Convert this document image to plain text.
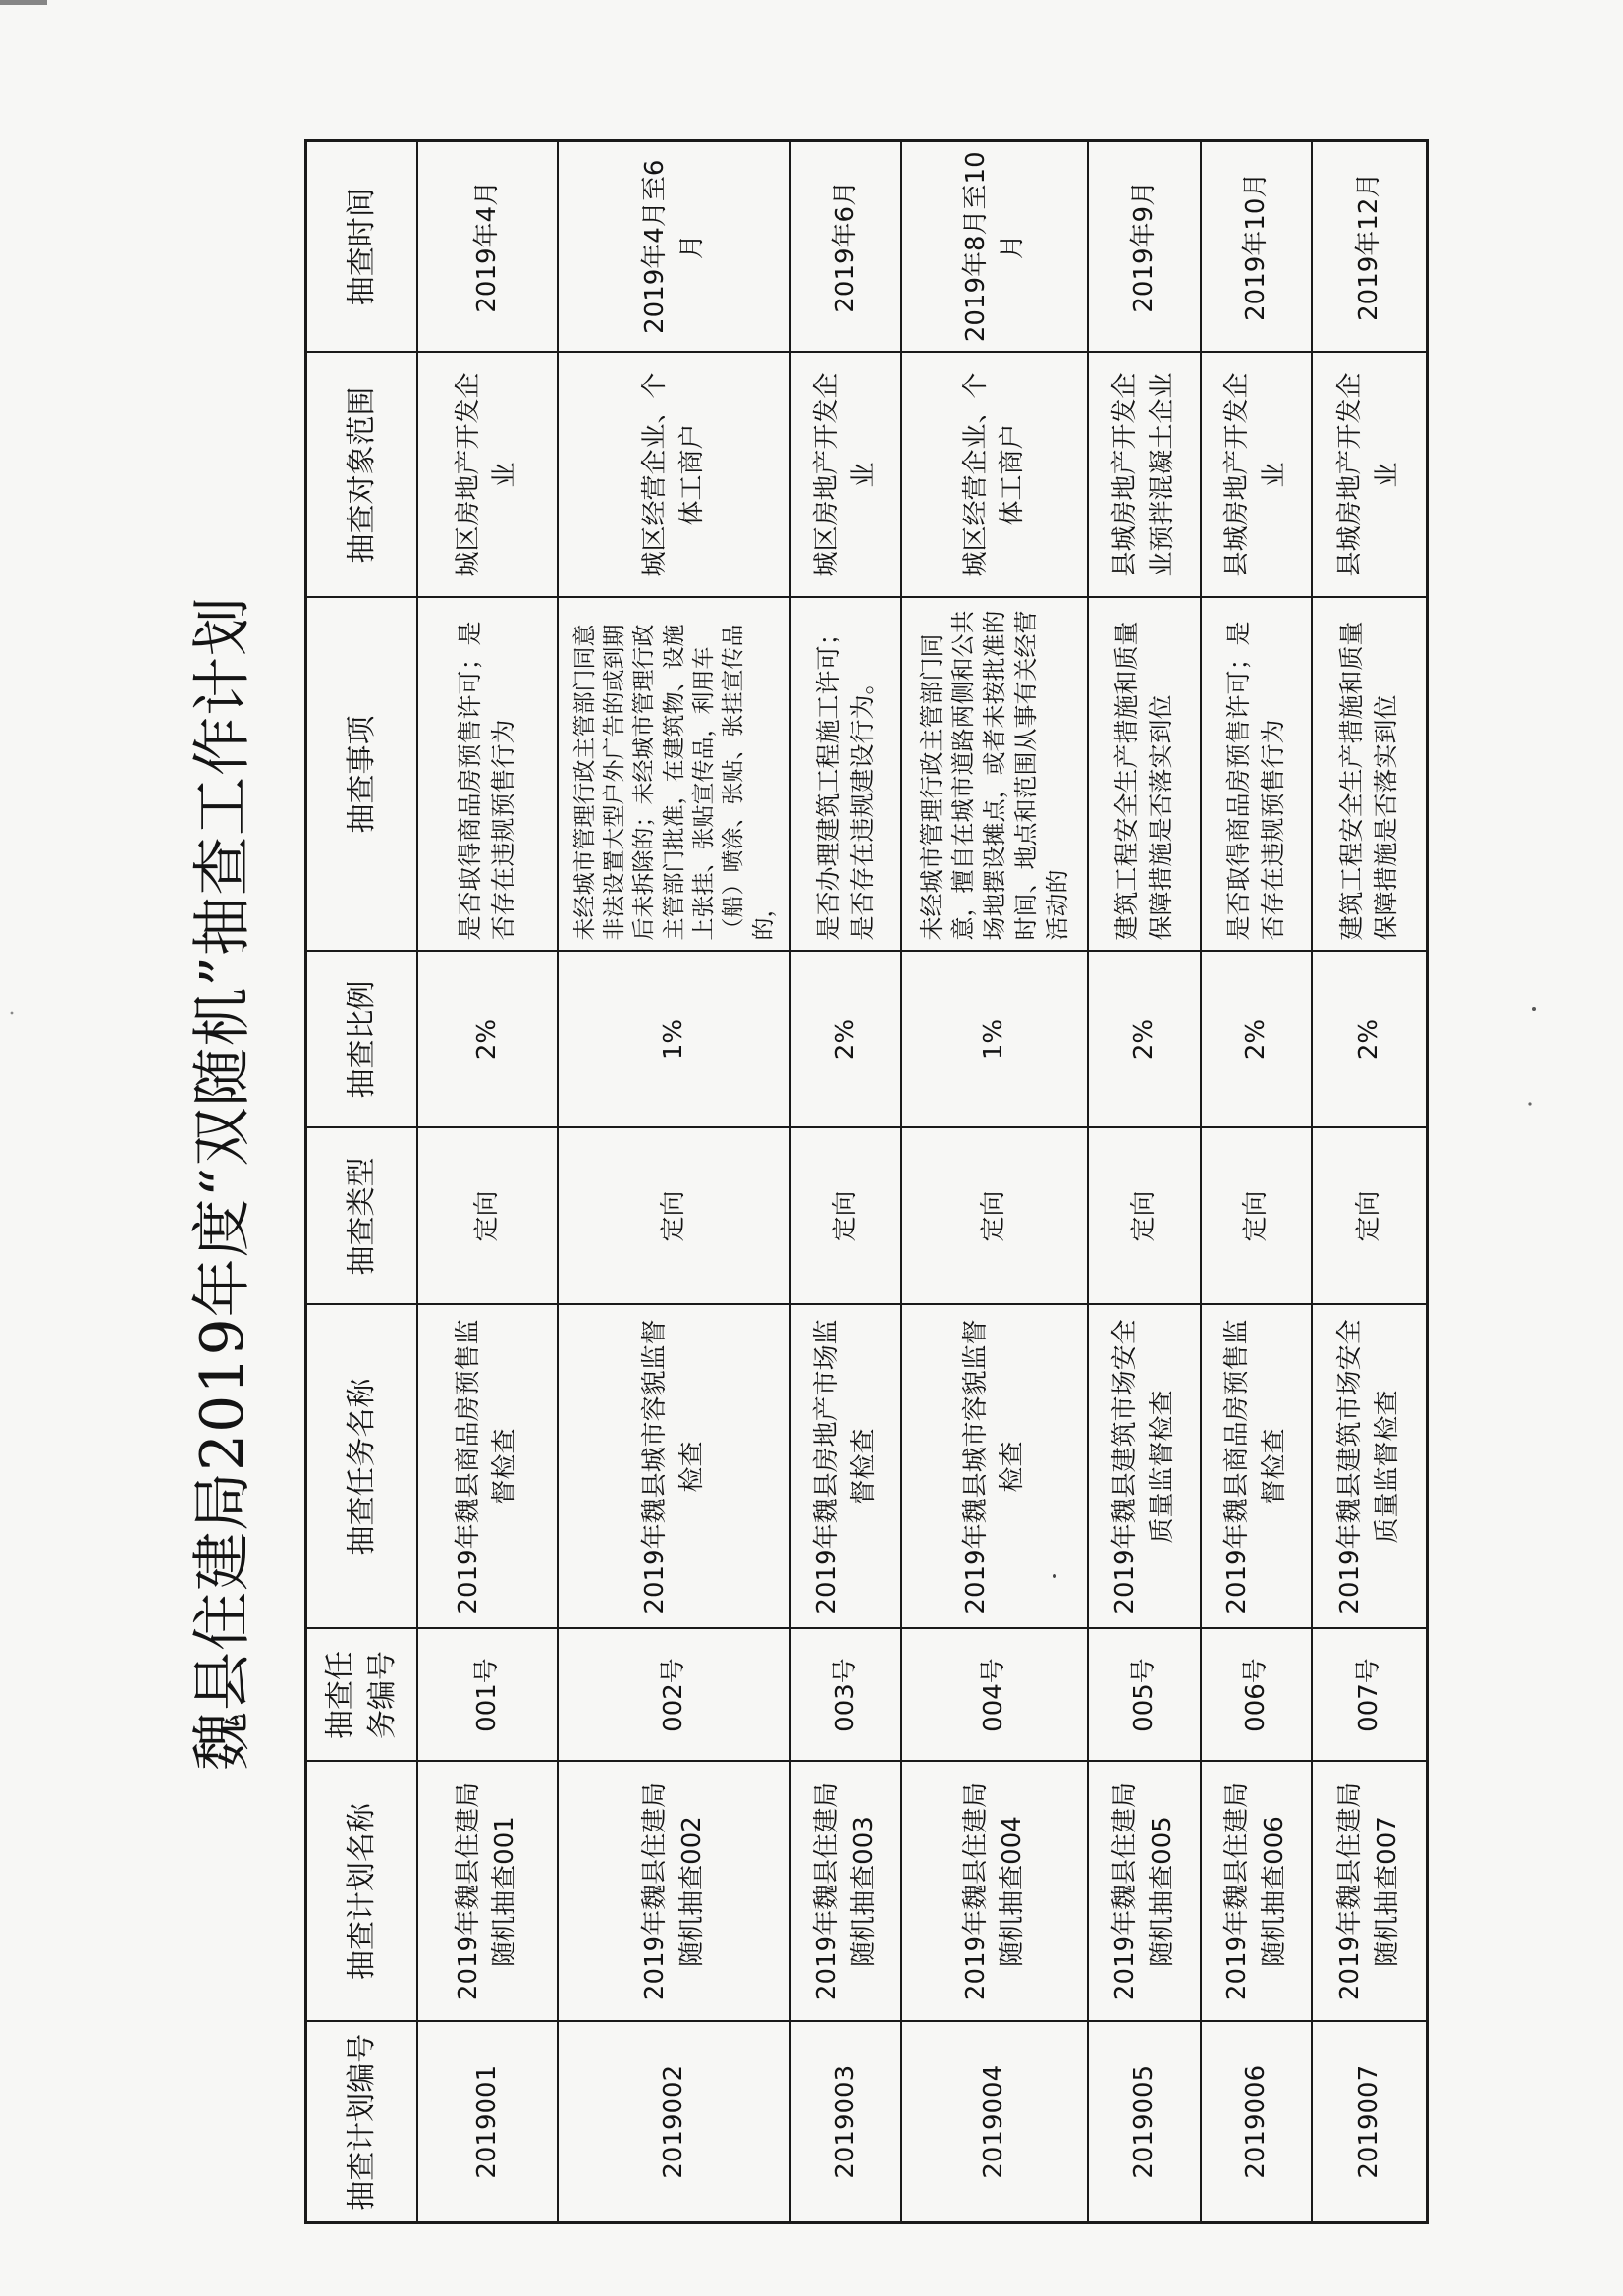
魏县住建局2019年度“双随机”抽查工作计划
抽查计划编号	抽查计划名称	抽查任务编号	抽查任务名称	抽查类型	抽查比例	抽查事项	抽查对象范围	抽查时间
2019001	2019年魏县住建局随机抽查001	001号	2019年魏县商品房预售监督检查	定向	2%	是否取得商品房预售许可；是否存在违规预售行为	城区房地产开发企业	2019年4月
2019002	2019年魏县住建局随机抽查002	002号	2019年魏县城市容貌监督检查	定向	1%	未经城市管理行政主管部门同意非法设置大型户外广告的或到期后未拆除的；未经城市管理行政主管部门批准，在建筑物、设施上张挂、张贴宣传品，利用车（船）喷涂、张贴、张挂宣传品的，	城区经营企业、个体工商户	2019年4月至6月
2019003	2019年魏县住建局随机抽查003	003号	2019年魏县房地产市场监督检查	定向	2%	是否办理建筑工程施工许可；是否存在违规建设行为。	城区房地产开发企业	2019年6月
2019004	2019年魏县住建局随机抽查004	004号	2019年魏县城市容貌监督检查	定向	1%	未经城市管理行政主管部门同意，擅自在城市道路两侧和公共场地摆设摊点，或者未按批准的时间、地点和范围从事有关经营活动的	城区经营企业、个体工商户	2019年8月至10月
2019005	2019年魏县住建局随机抽查005	005号	2019年魏县建筑市场安全质量监督检查	定向	2%	建筑工程安全生产措施和质量保障措施是否落实到位	县城房地产开发企业预拌混凝土企业	2019年9月
2019006	2019年魏县住建局随机抽查006	006号	2019年魏县商品房预售监督检查	定向	2%	是否取得商品房预售许可；是否存在违规预售行为	县城房地产开发企业	2019年10月
2019007	2019年魏县住建局随机抽查007	007号	2019年魏县建筑市场安全质量监督检查	定向	2%	建筑工程安全生产措施和质量保障措施是否落实到位	县城房地产开发企业	2019年12月
